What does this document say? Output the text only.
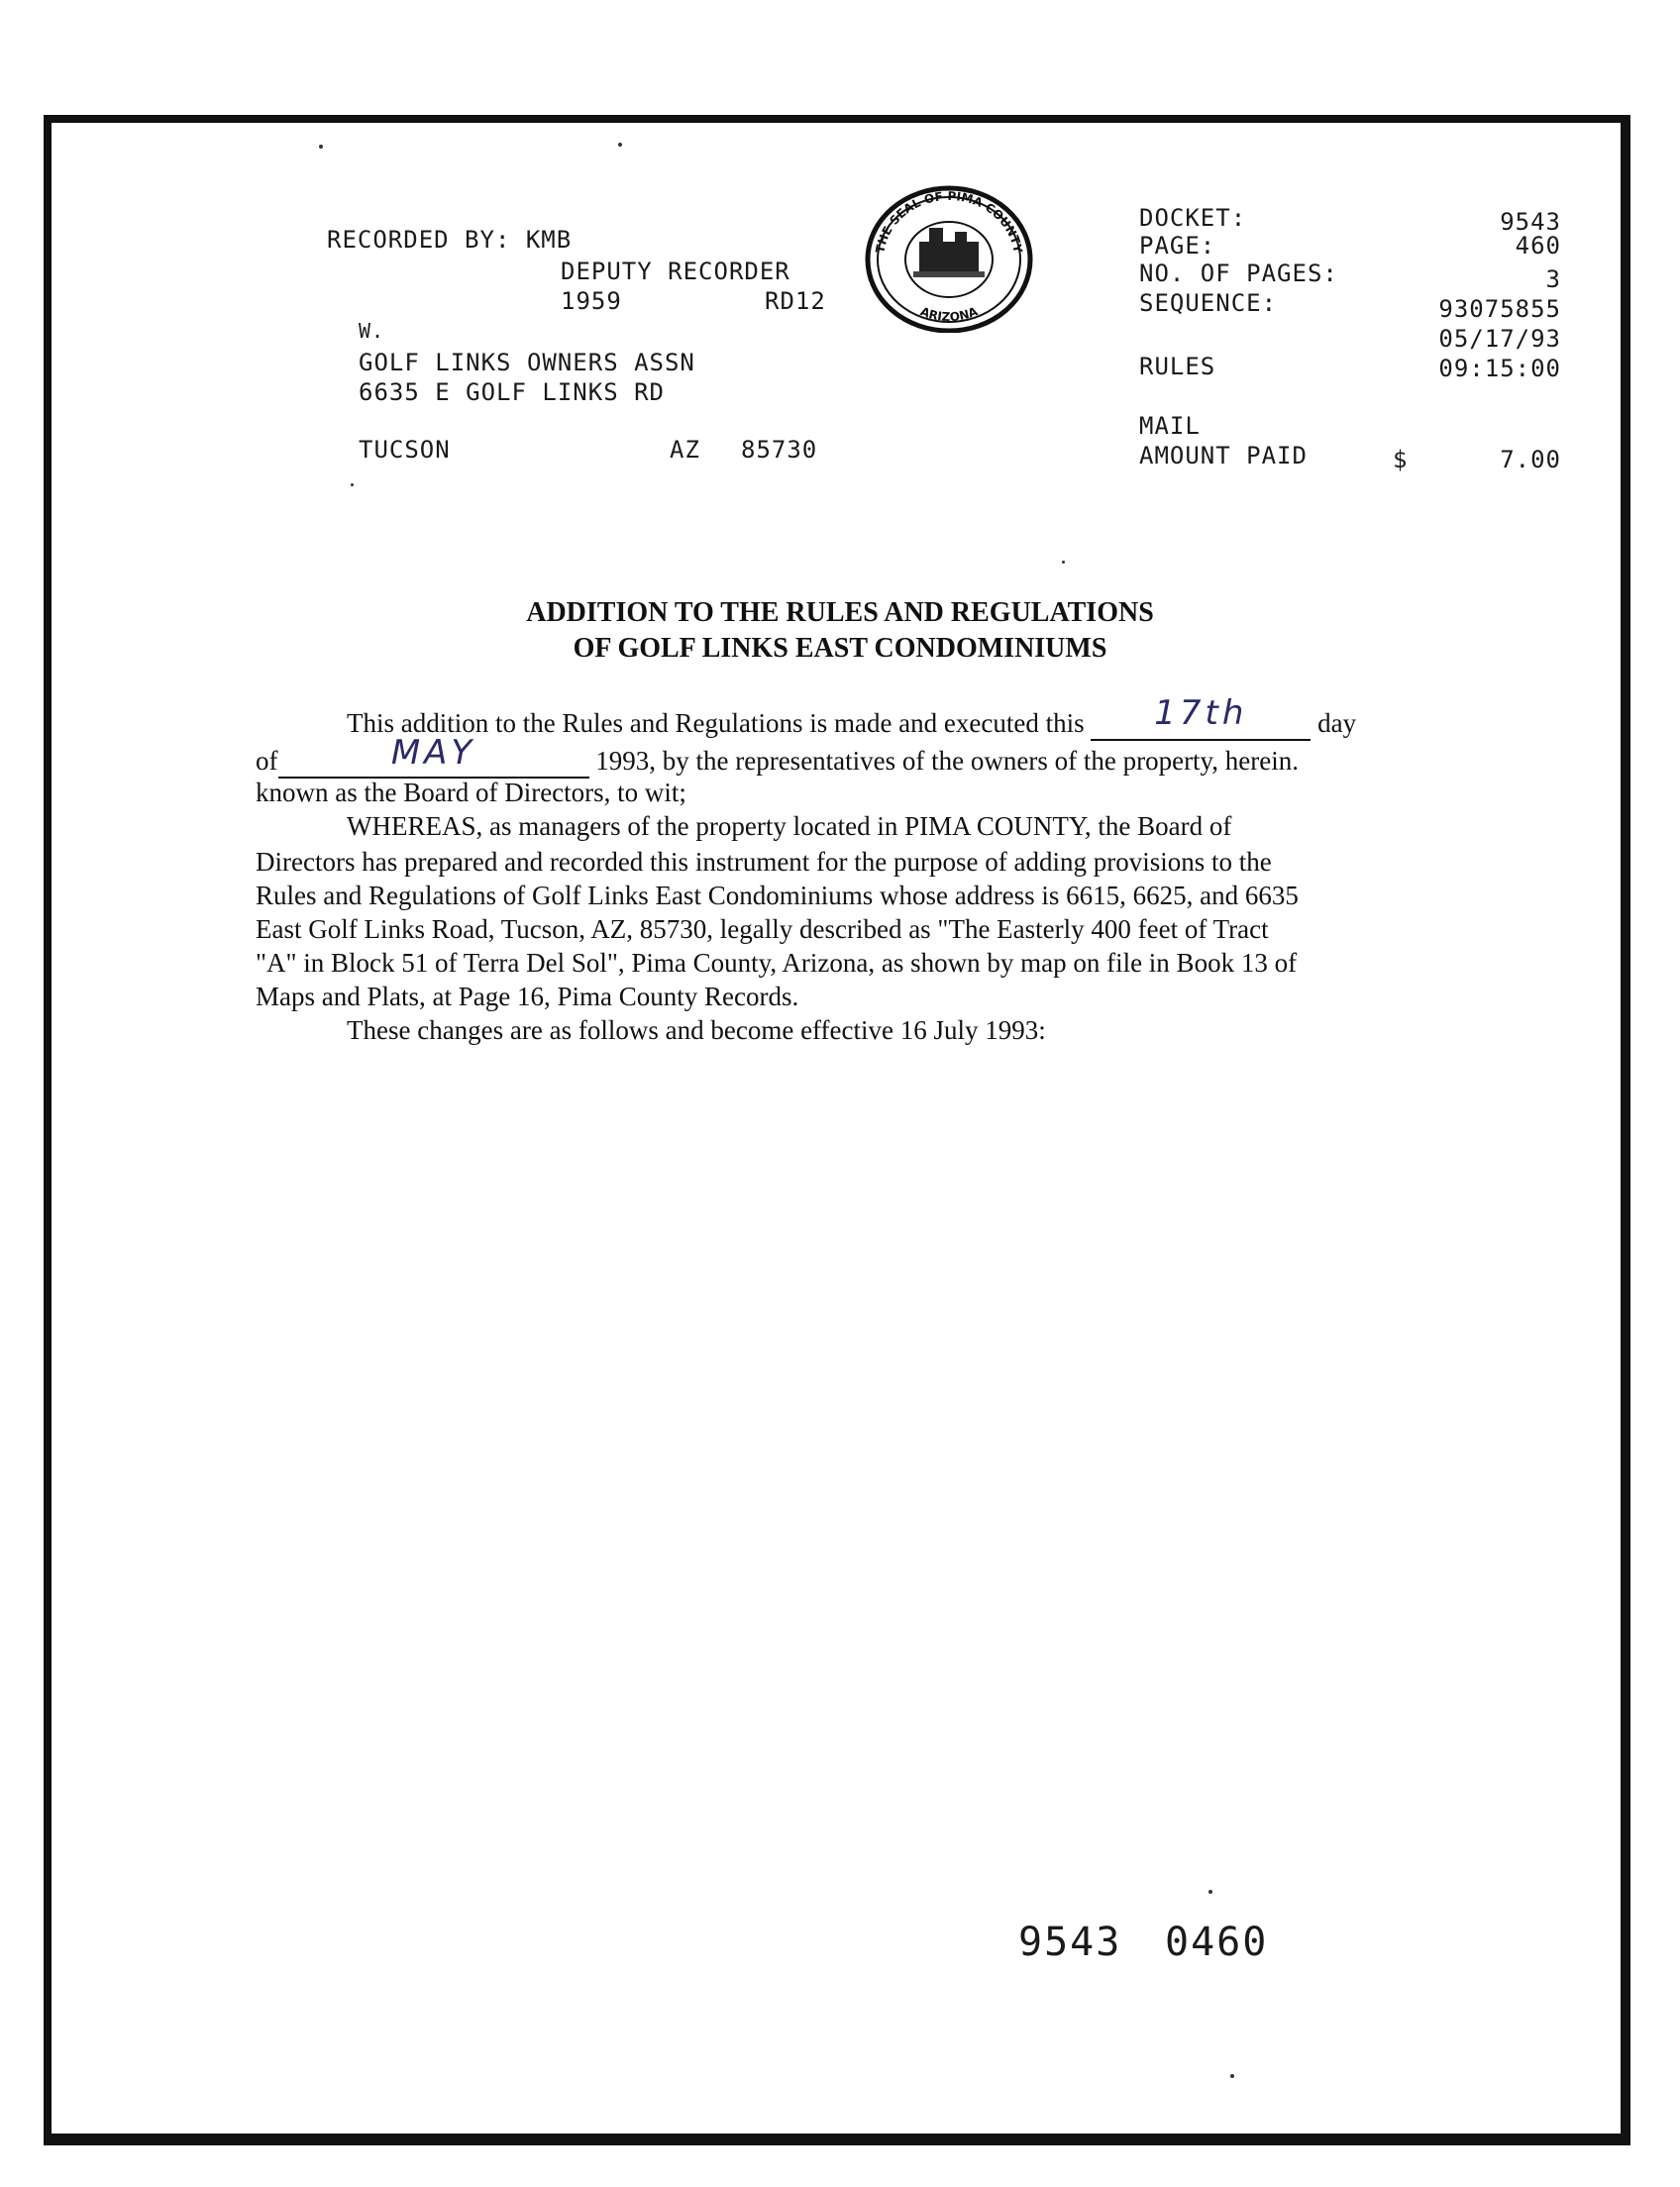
RECORDED BY: KMB
DEPUTY RECORDER
1959	RD12
W.
GOLF LINKS OWNERS ASSN
6635 E GOLF LINKS RD
TUCSON	AZ 85730
THE SEAL OF PIMA COUNTY
ARIZONA
DOCKET:	9543
PAGE:	460
NO. OF PAGES:	3
SEQUENCE:	93075855
05/17/93
RULES	09:15:00
MAIL
AMOUNT PAID	$	7.00
ADDITION TO THE RULES AND REGULATIONS
OF GOLF LINKS EAST CONDOMINIUMS
This addition to the Rules and Regulations is made and executed this 17th	day
of	MAY	1993, by the representatives of the owners of the property, herein.
known as the Board of Directors, to wit;
WHEREAS, as managers of the property located in PIMA COUNTY, the Board of
Directors has prepared and recorded this instrument for the purpose of adding provisions to the
Rules and Regulations of Golf Links East Condominiums whose address is 6615, 6625, and 6635
East Golf Links Road, Tucson, AZ, 85730, legally described as "The Easterly 400 feet of Tract
"A" in Block 51 of Terra Del Sol", Pima County, Arizona, as shown by map on file in Book 13 of
Maps and Plats, at Page 16, Pima County Records.
These changes are as follows and become effective 16 July 1993:
9543 0460
